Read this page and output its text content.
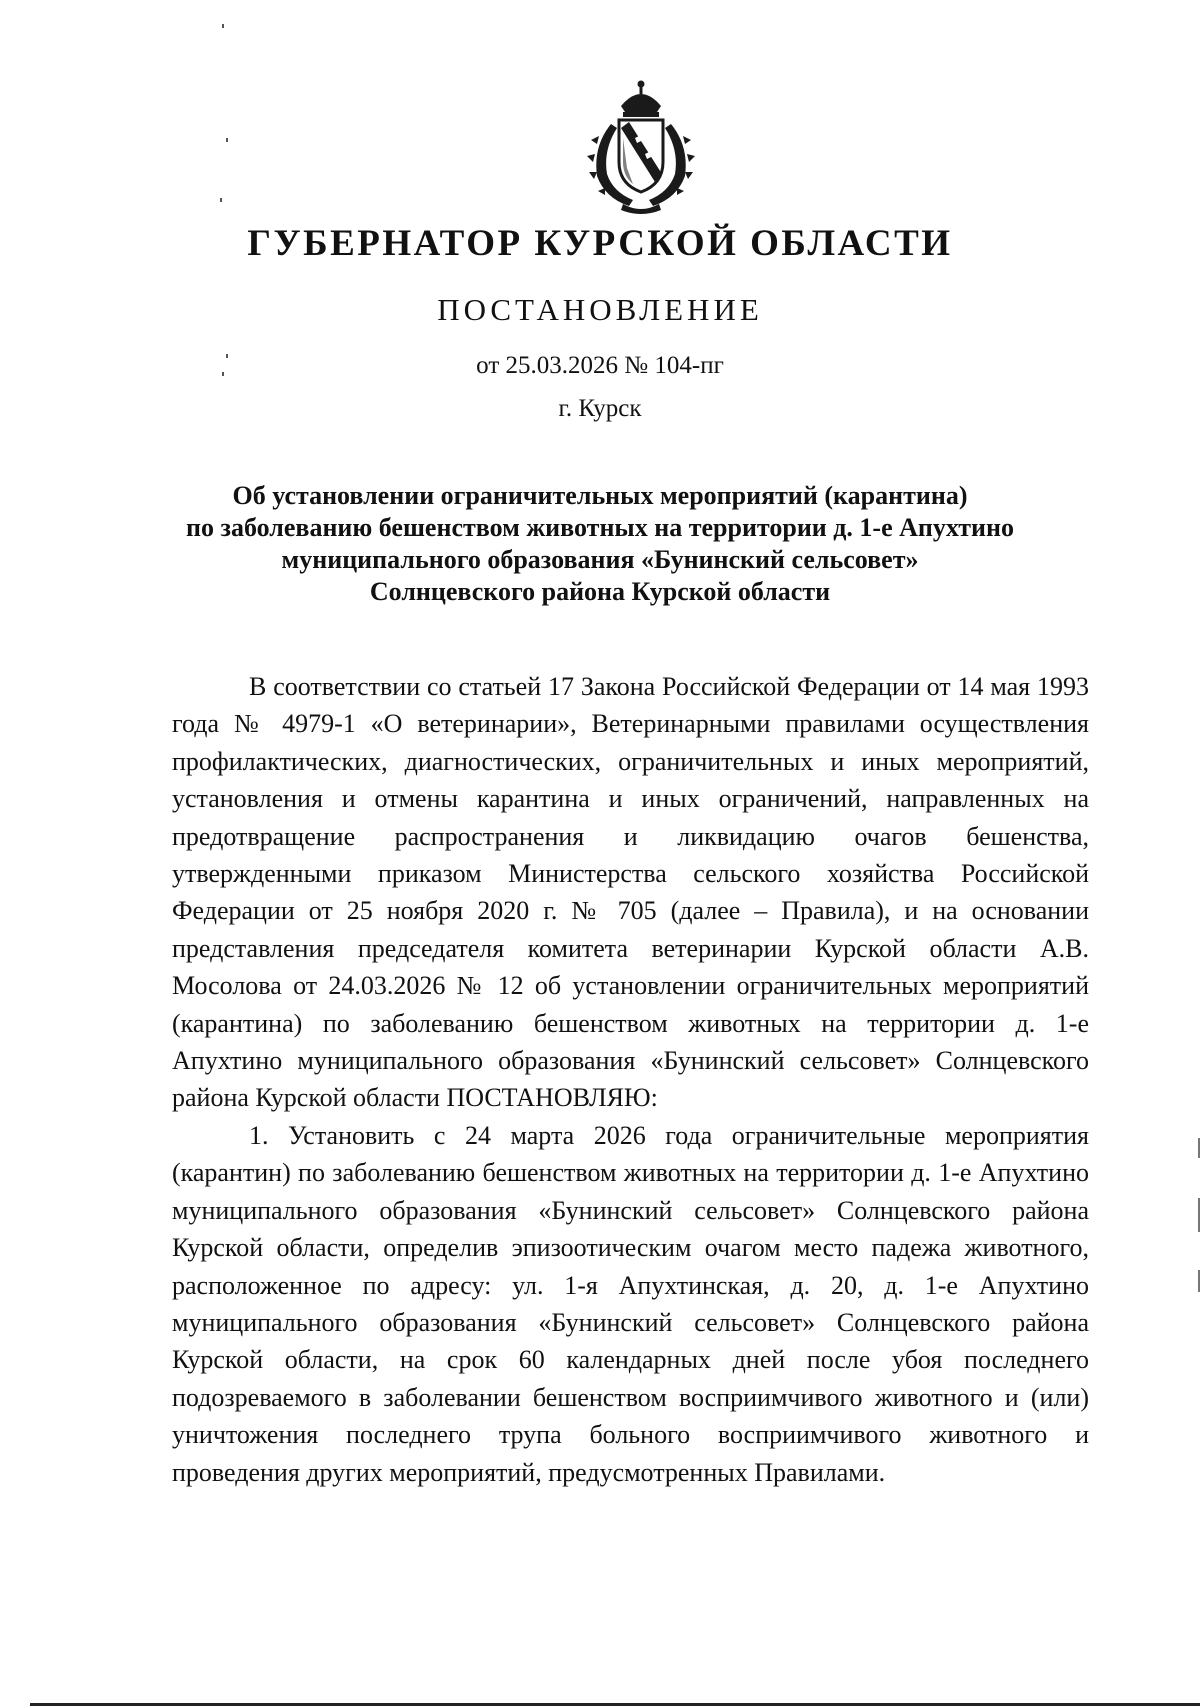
ГУБЕРНАТОР КУРСКОЙ ОБЛАСТИ
ПОСТАНОВЛЕНИЕ
от 25.03.2026 № 104-пг
г. Курск
Об установлении ограничительных мероприятий (карантина)
по заболеванию бешенством животных на территории д. 1-е Апухтино
муниципального образования «Бунинский сельсовет»
Солнцевского района Курской области

В соответствии со статьей 17 Закона Российской Федерации от 14 мая 1993 года № 4979-1 «О ветеринарии», Ветеринарными правилами осуществления профилактических, диагностических, ограничительных и иных мероприятий, установления и отмены карантина и иных ограничений, направленных на предотвращение распространения и ликвидацию очагов бешенства, утвержденными приказом Министерства сельского хозяйства Российской Федерации от 25 ноября 2020 г. № 705 (далее – Правила), и на основании представления председателя комитета ветеринарии Курской области А.В. Мосолова от 24.03.2026 № 12 об установлении ограничительных мероприятий (карантина) по заболеванию бешенством животных на территории д. 1-е Апухтино муниципального образования «Бунинский сельсовет» Солнцевского района Курской области ПОСТАНОВЛЯЮ:

1. Установить с 24 марта 2026 года ограничительные мероприятия (карантин) по заболеванию бешенством животных на территории д. 1-е Апухтино муниципального образования «Бунинский сельсовет» Солнцевского района Курской области, определив эпизоотическим очагом место падежа животного, расположенное по адресу: ул. 1-я Апухтинская, д. 20, д. 1-е Апухтино муниципального образования «Бунинский сельсовет» Солнцевского района Курской области, на срок 60 календарных дней после убоя последнего подозреваемого в заболевании бешенством восприимчивого животного и (или) уничтожения последнего трупа больного восприимчивого животного и проведения других мероприятий, предусмотренных Правилами.
